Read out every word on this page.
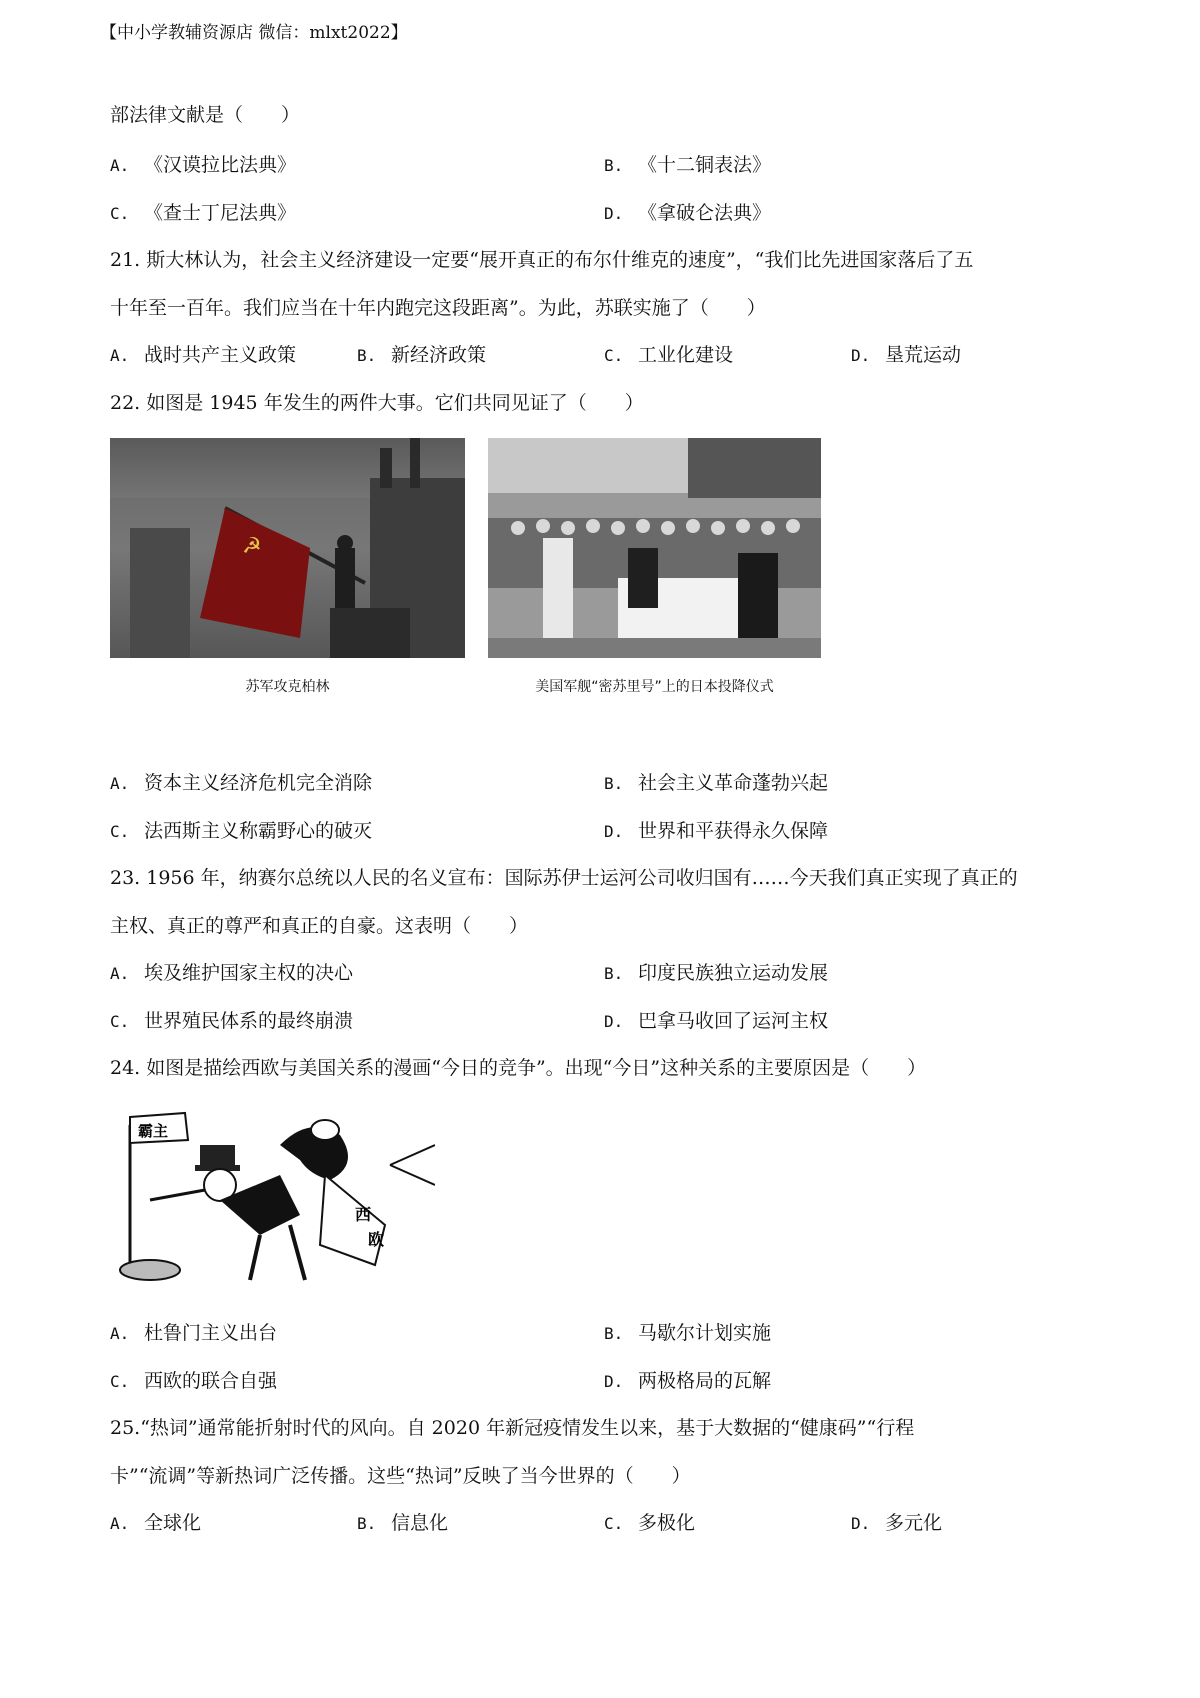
【中小学教辅资源店 微信：mlxt2022】
部法律文献是（　　）
A. 《汉谟拉比法典》	B. 《十二铜表法》
C. 《查士丁尼法典》	D. 《拿破仑法典》
21. 斯大林认为，社会主义经济建设一定要“展开真正的布尔什维克的速度”，“我们比先进国家落后了五
十年至一百年。我们应当在十年内跑完这段距离”。为此，苏联实施了（　　）
A. 战时共产主义政策	B. 新经济政策	C. 工业化建设	D. 垦荒运动
22. 如图是 1945 年发生的两件大事。它们共同见证了（　　）
☭
苏军攻克柏林	美国军舰“密苏里号”上的日本投降仪式
A. 资本主义经济危机完全消除	B. 社会主义革命蓬勃兴起
C. 法西斯主义称霸野心的破灭	D. 世界和平获得永久保障
23. 1956 年，纳赛尔总统以人民的名义宣布：国际苏伊士运河公司收归国有……今天我们真正实现了真正的
主权、真正的尊严和真正的自豪。这表明（　　）
A. 埃及维护国家主权的决心	B. 印度民族独立运动发展
C. 世界殖民体系的最终崩溃	D. 巴拿马收回了运河主权
24. 如图是描绘西欧与美国关系的漫画“今日的竞争”。出现“今日”这种关系的主要原因是（　　）
霸主
西
欧
A. 杜鲁门主义出台	B. 马歇尔计划实施
C. 西欧的联合自强	D. 两极格局的瓦解
25.“热词”通常能折射时代的风向。自 2020 年新冠疫情发生以来，基于大数据的“健康码”“行程
卡”“流调”等新热词广泛传播。这些“热词”反映了当今世界的（　　）
A. 全球化	B. 信息化	C. 多极化	D. 多元化
